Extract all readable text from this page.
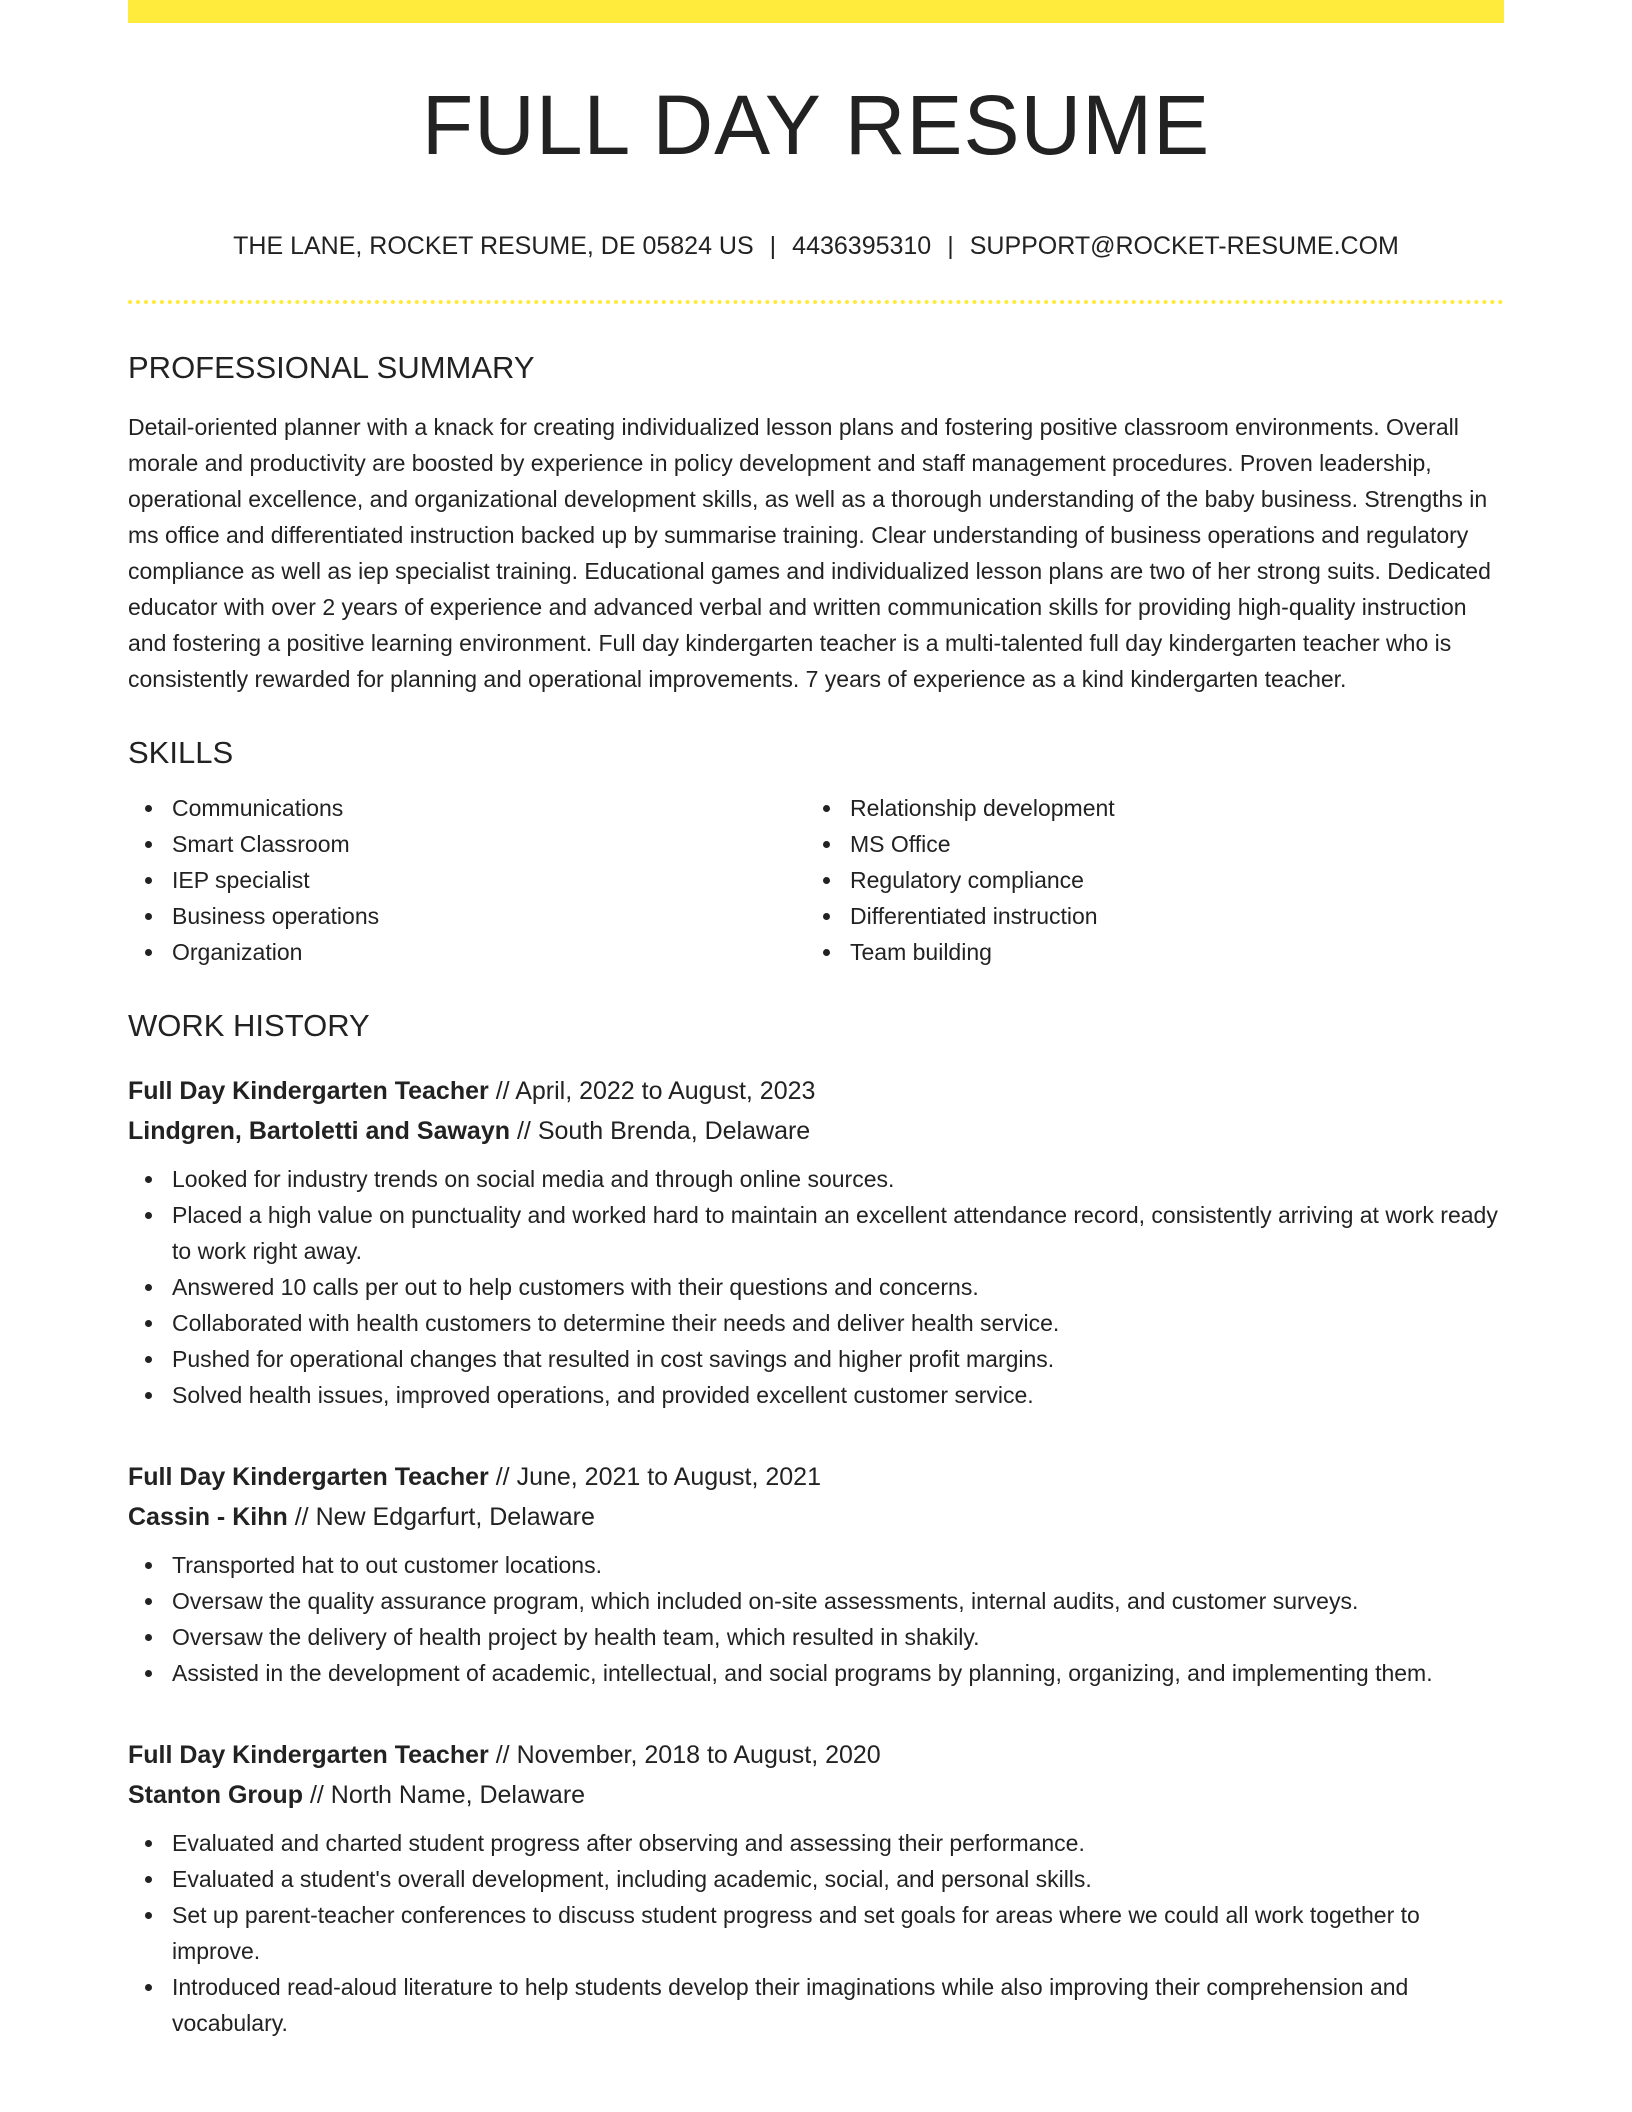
FULL DAY RESUME
THE LANE, ROCKET RESUME, DE 05824 US | 4436395310 | SUPPORT@ROCKET-RESUME.COM
PROFESSIONAL SUMMARY

Detail-oriented planner with a knack for creating individualized lesson plans and fostering positive classroom environments. Overall morale and productivity are boosted by experience in policy development and staff management procedures. Proven leadership, operational excellence, and organizational development skills, as well as a thorough understanding of the baby business. Strengths in ms office and differentiated instruction backed up by summarise training. Clear understanding of business operations and regulatory compliance as well as iep specialist training. Educational games and individualized lesson plans are two of her strong suits. Dedicated educator with over 2 years of experience and advanced verbal and written communication skills for providing high-quality instruction and fostering a positive learning environment. Full day kindergarten teacher is a multi-talented full day kindergarten teacher who is consistently rewarded for planning and operational improvements. 7 years of experience as a kind kindergarten teacher.

SKILLS
Communications
Smart Classroom
IEP specialist
Business operations
Organization
Relationship development
MS Office
Regulatory compliance
Differentiated instruction
Team building
WORK HISTORY
Full Day Kindergarten Teacher // April, 2022 to August, 2023
Lindgren, Bartoletti and Sawayn // South Brenda, Delaware
Looked for industry trends on social media and through online sources.
Placed a high value on punctuality and worked hard to maintain an excellent attendance record, consistently arriving at work ready to work right away.
Answered 10 calls per out to help customers with their questions and concerns.
Collaborated with health customers to determine their needs and deliver health service.
Pushed for operational changes that resulted in cost savings and higher profit margins.
Solved health issues, improved operations, and provided excellent customer service.
Full Day Kindergarten Teacher // June, 2021 to August, 2021
Cassin - Kihn // New Edgarfurt, Delaware
Transported hat to out customer locations.
Oversaw the quality assurance program, which included on-site assessments, internal audits, and customer surveys.
Oversaw the delivery of health project by health team, which resulted in shakily.
Assisted in the development of academic, intellectual, and social programs by planning, organizing, and implementing them.
Full Day Kindergarten Teacher // November, 2018 to August, 2020
Stanton Group // North Name, Delaware
Evaluated and charted student progress after observing and assessing their performance.
Evaluated a student's overall development, including academic, social, and personal skills.
Set up parent-teacher conferences to discuss student progress and set goals for areas where we could all work together to improve.
Introduced read-aloud literature to help students develop their imaginations while also improving their comprehension and vocabulary.
